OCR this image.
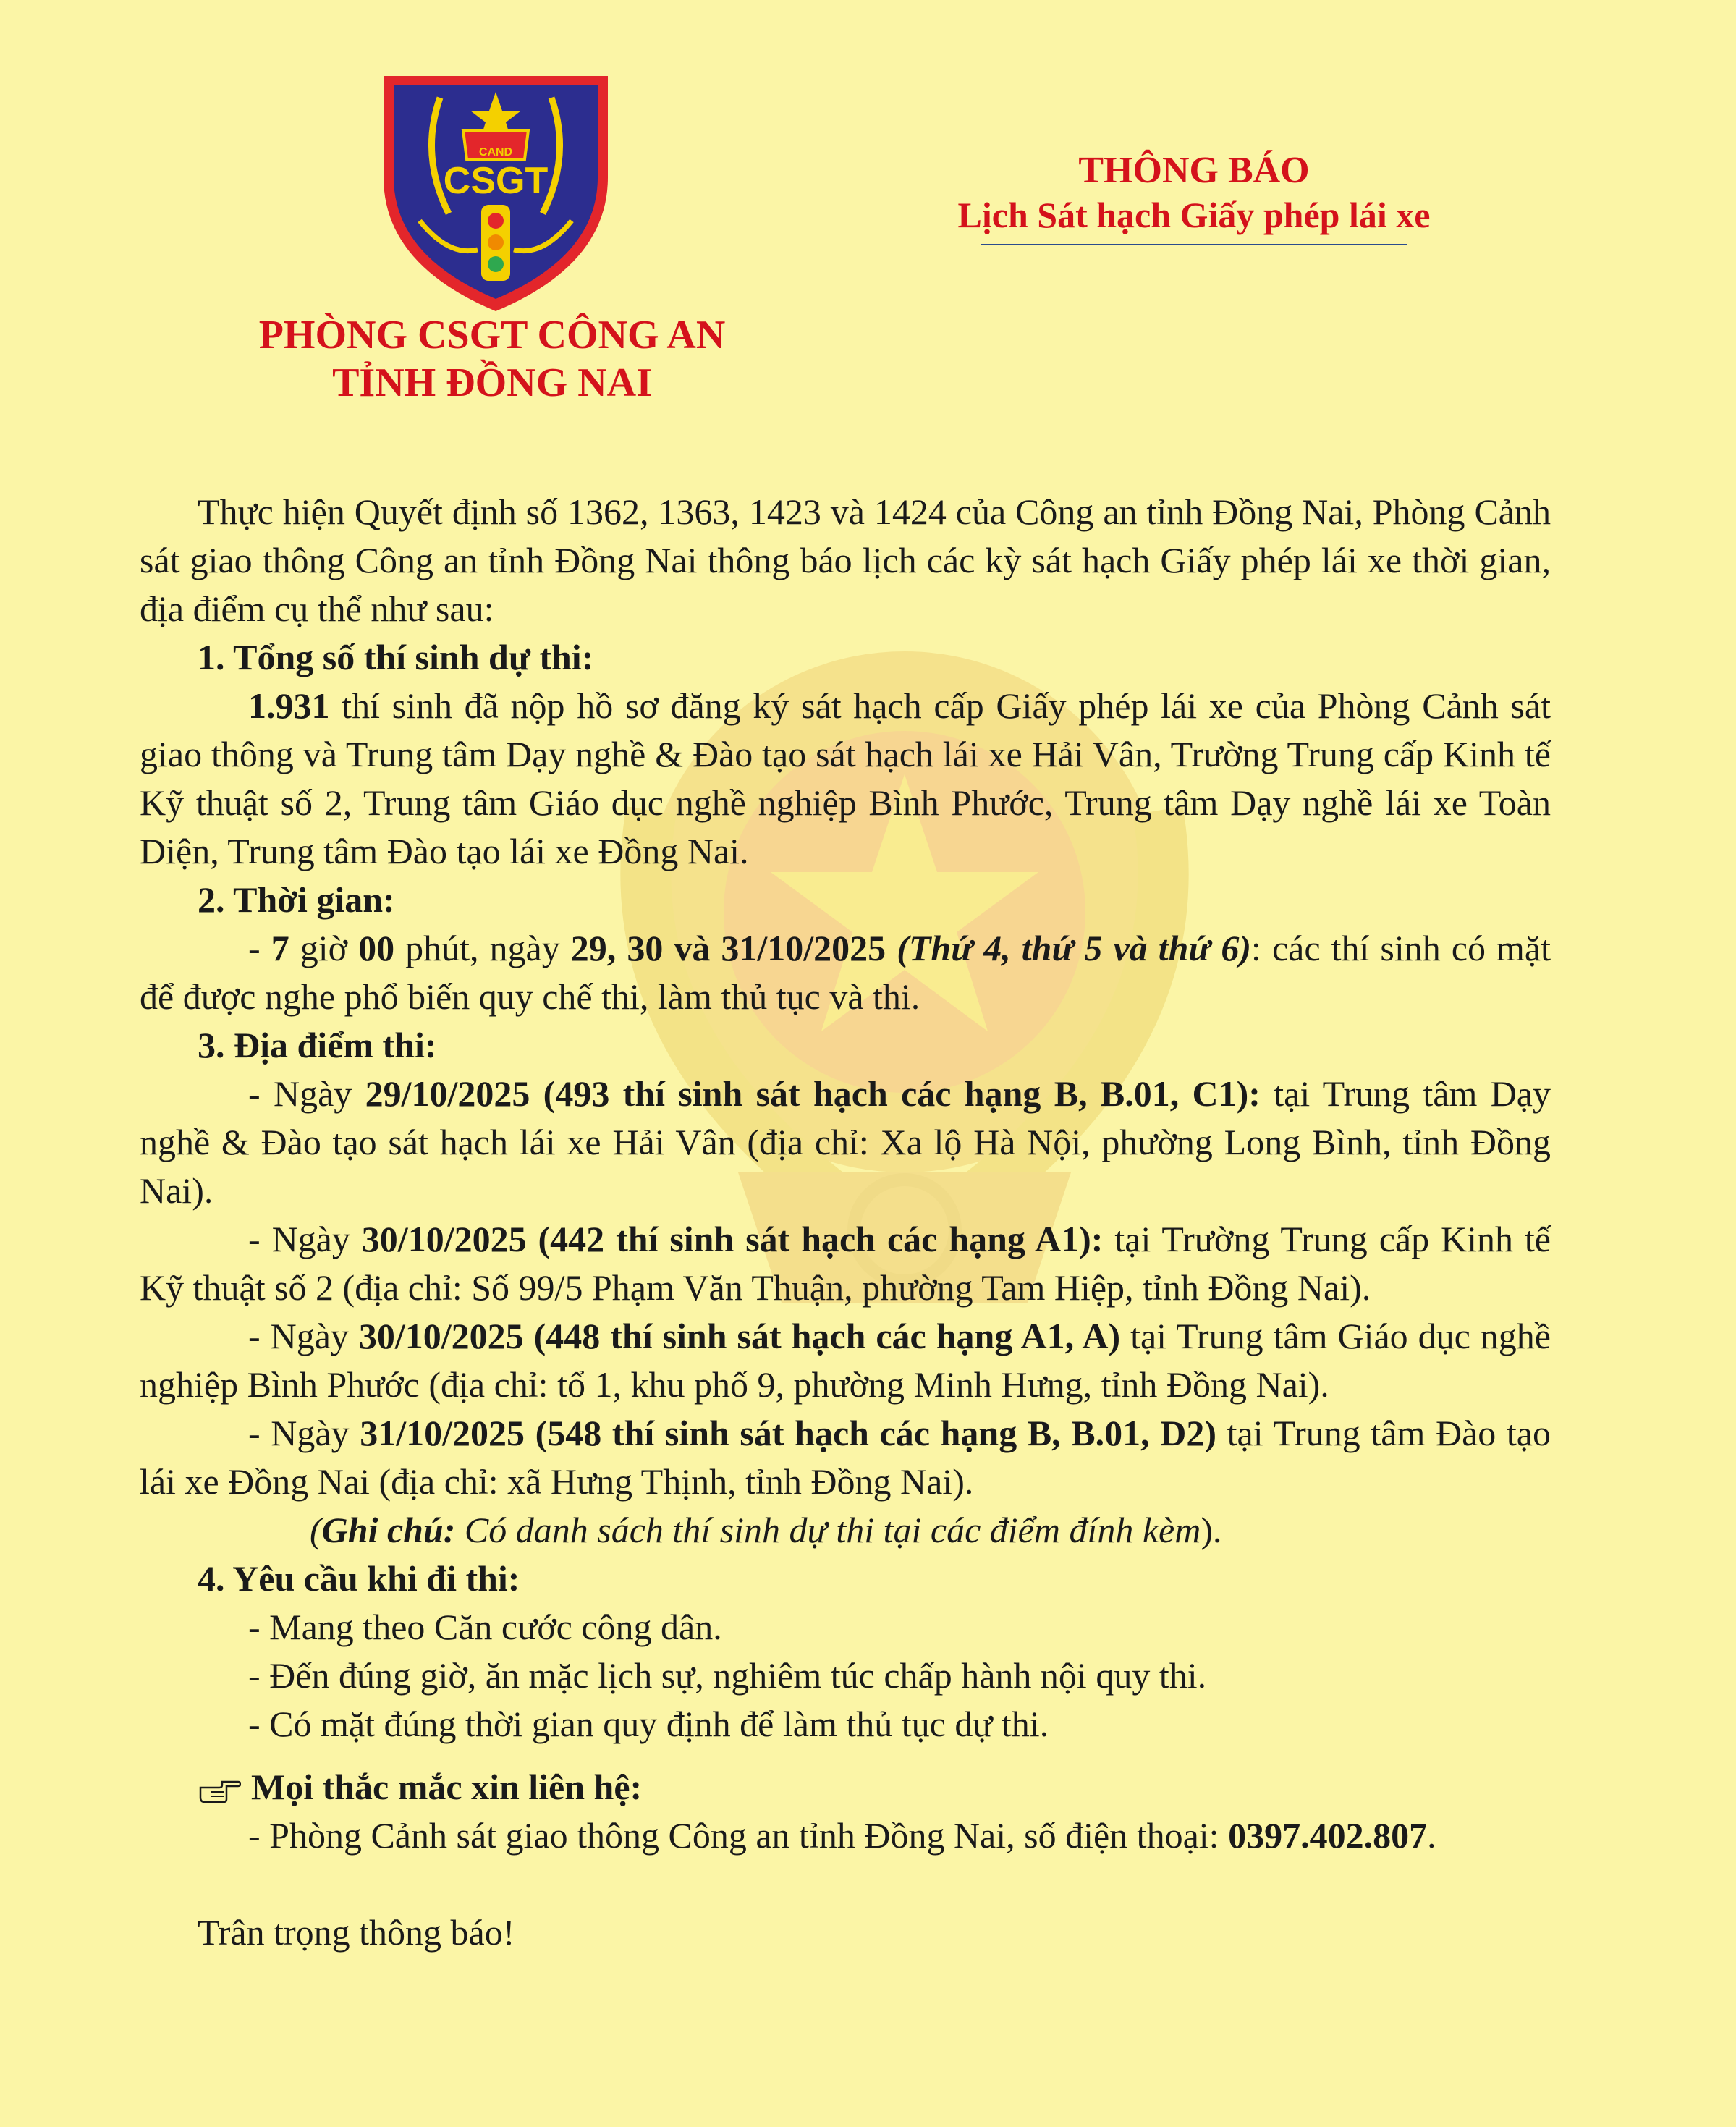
CAND
CSGT
PHÒNG CSGT CÔNG AN
TỈNH ĐỒNG NAI
THÔNG BÁO
Lịch Sát hạch Giấy phép lái xe

Thực hiện Quyết định số 1362, 1363, 1423 và 1424 của Công an tỉnh Đồng Nai, Phòng Cảnh sát giao thông Công an tỉnh Đồng Nai thông báo lịch các kỳ sát hạch Giấy phép lái xe thời gian, địa điểm cụ thể như sau:

1. Tổng số thí sinh dự thi:

1.931 thí sinh đã nộp hồ sơ đăng ký sát hạch cấp Giấy phép lái xe của Phòng Cảnh sát giao thông và Trung tâm Dạy nghề & Đào tạo sát hạch lái xe Hải Vân, Trường Trung cấp Kinh tế Kỹ thuật số 2, Trung tâm Giáo dục nghề nghiệp Bình Phước, Trung tâm Dạy nghề lái xe Toàn Diện, Trung tâm Đào tạo lái xe Đồng Nai.

2. Thời gian:

- 7 giờ 00 phút, ngày 29, 30 và 31/10/2025 (Thứ 4, thứ 5 và thứ 6): các thí sinh có mặt để được nghe phổ biến quy chế thi, làm thủ tục và thi.

3. Địa điểm thi:

- Ngày 29/10/2025 (493 thí sinh sát hạch các hạng B, B.01, C1): tại Trung tâm Dạy nghề & Đào tạo sát hạch lái xe Hải Vân (địa chỉ: Xa lộ Hà Nội, phường Long Bình, tỉnh Đồng Nai).

- Ngày 30/10/2025 (442 thí sinh sát hạch các hạng A1): tại Trường Trung cấp Kinh tế Kỹ thuật số 2 (địa chỉ: Số 99/5 Phạm Văn Thuận, phường Tam Hiệp, tỉnh Đồng Nai).

- Ngày 30/10/2025 (448 thí sinh sát hạch các hạng A1, A) tại Trung tâm Giáo dục nghề nghiệp Bình Phước (địa chỉ: tổ 1, khu phố 9, phường Minh Hưng, tỉnh Đồng Nai).

- Ngày 31/10/2025 (548 thí sinh sát hạch các hạng B, B.01, D2) tại Trung tâm Đào tạo lái xe Đồng Nai (địa chỉ: xã Hưng Thịnh, tỉnh Đồng Nai).

(Ghi chú: Có danh sách thí sinh dự thi tại các điểm đính kèm).

4. Yêu cầu khi đi thi:

- Mang theo Căn cước công dân.

- Đến đúng giờ, ăn mặc lịch sự, nghiêm túc chấp hành nội quy thi.

- Có mặt đúng thời gian quy định để làm thủ tục dự thi.

Mọi thắc mắc xin liên hệ:

- Phòng Cảnh sát giao thông Công an tỉnh Đồng Nai, số điện thoại: 0397.402.807.

Trân trọng thông báo!
